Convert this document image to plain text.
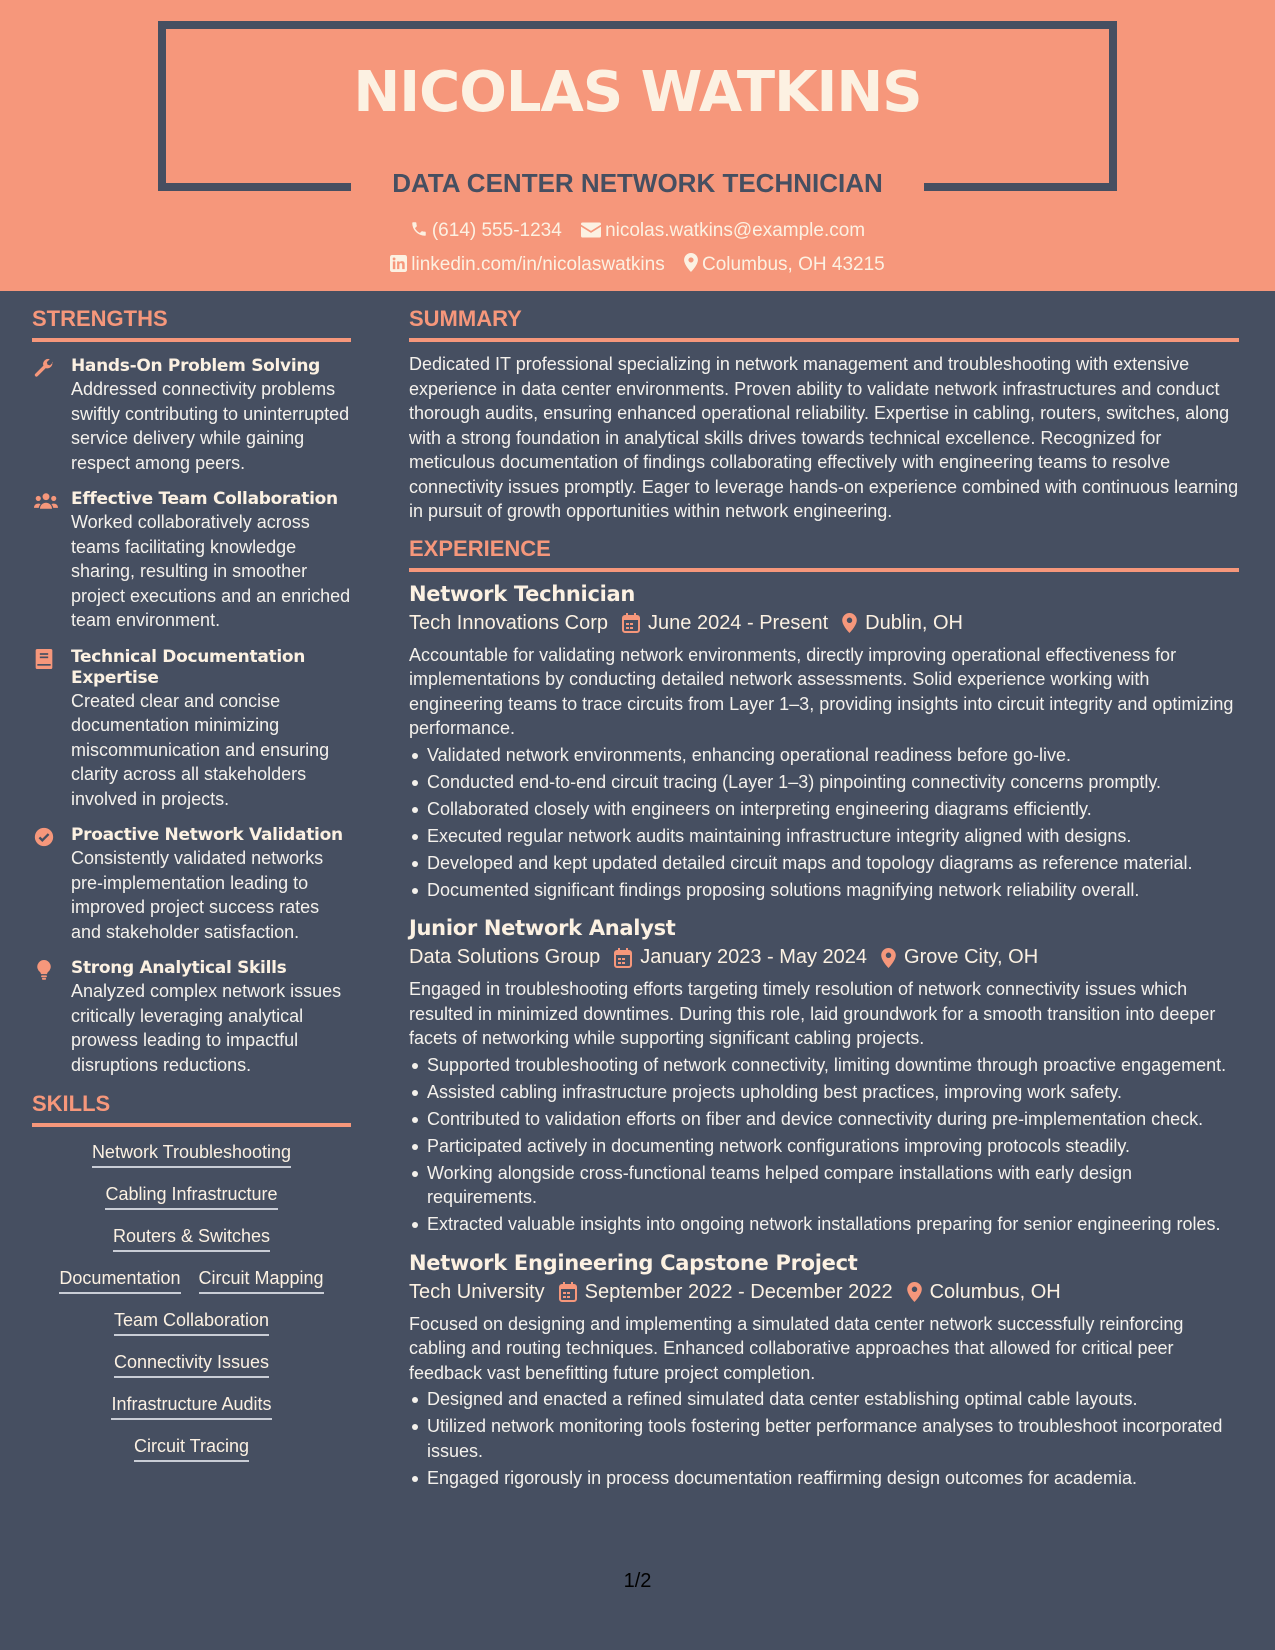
NICOLAS WATKINS
DATA CENTER NETWORK TECHNICIAN
(614) 555-1234 nicolas.watkins@example.com
linkedin.com/in/nicolaswatkins Columbus, OH 43215
STRENGTHS
Hands-On Problem Solving

Addressed connectivity problems swiftly contributing to uninterrupted service delivery while gaining respect among peers.

Effective Team Collaboration

Worked collaboratively across teams facilitating knowledge sharing, resulting in smoother project executions and an enriched team environment.

Technical Documentation Expertise

Created clear and concise documentation minimizing miscommunication and ensuring clarity across all stakeholders involved in projects.

Proactive Network Validation

Consistently validated networks pre-implementation leading to improved project success rates and stakeholder satisfaction.

Strong Analytical Skills

Analyzed complex network issues critically leveraging analytical prowess leading to impactful disruptions reductions.

SKILLS
Network Troubleshooting
Cabling Infrastructure
Routers & Switches
Documentation Circuit Mapping
Team Collaboration
Connectivity Issues
Infrastructure Audits
Circuit Tracing
SUMMARY

Dedicated IT professional specializing in network management and troubleshooting with extensive experience in data center environments. Proven ability to validate network infrastructures and conduct thorough audits, ensuring enhanced operational reliability. Expertise in cabling, routers, switches, along with a strong foundation in analytical skills drives towards technical excellence. Recognized for meticulous documentation of findings collaborating effectively with engineering teams to resolve connectivity issues promptly. Eager to leverage hands-on experience combined with continuous learning in pursuit of growth opportunities within network engineering.

EXPERIENCE
Network Technician
Tech Innovations Corp June 2024 - Present Dublin, OH

Accountable for validating network environments, directly improving operational effectiveness for implementations by conducting detailed network assessments. Solid experience working with engineering teams to trace circuits from Layer 1–3, providing insights into circuit integrity and optimizing performance.

Validated network environments, enhancing operational readiness before go-live.
Conducted end-to-end circuit tracing (Layer 1–3) pinpointing connectivity concerns promptly.
Collaborated closely with engineers on interpreting engineering diagrams efficiently.
Executed regular network audits maintaining infrastructure integrity aligned with designs.
Developed and kept updated detailed circuit maps and topology diagrams as reference material.
Documented significant findings proposing solutions magnifying network reliability overall.
Junior Network Analyst
Data Solutions Group January 2023 - May 2024 Grove City, OH

Engaged in troubleshooting efforts targeting timely resolution of network connectivity issues which resulted in minimized downtimes. During this role, laid groundwork for a smooth transition into deeper facets of networking while supporting significant cabling projects.

Supported troubleshooting of network connectivity, limiting downtime through proactive engagement.
Assisted cabling infrastructure projects upholding best practices, improving work safety.
Contributed to validation efforts on fiber and device connectivity during pre-implementation check.
Participated actively in documenting network configurations improving protocols steadily.
Working alongside cross-functional teams helped compare installations with early design requirements.
Extracted valuable insights into ongoing network installations preparing for senior engineering roles.
Network Engineering Capstone Project
Tech University September 2022 - December 2022 Columbus, OH

Focused on designing and implementing a simulated data center network successfully reinforcing cabling and routing techniques. Enhanced collaborative approaches that allowed for critical peer feedback vast benefitting future project completion.

Designed and enacted a refined simulated data center establishing optimal cable layouts.
Utilized network monitoring tools fostering better performance analyses to troubleshoot incorporated issues.
Engaged rigorously in process documentation reaffirming design outcomes for academia.
1/2
